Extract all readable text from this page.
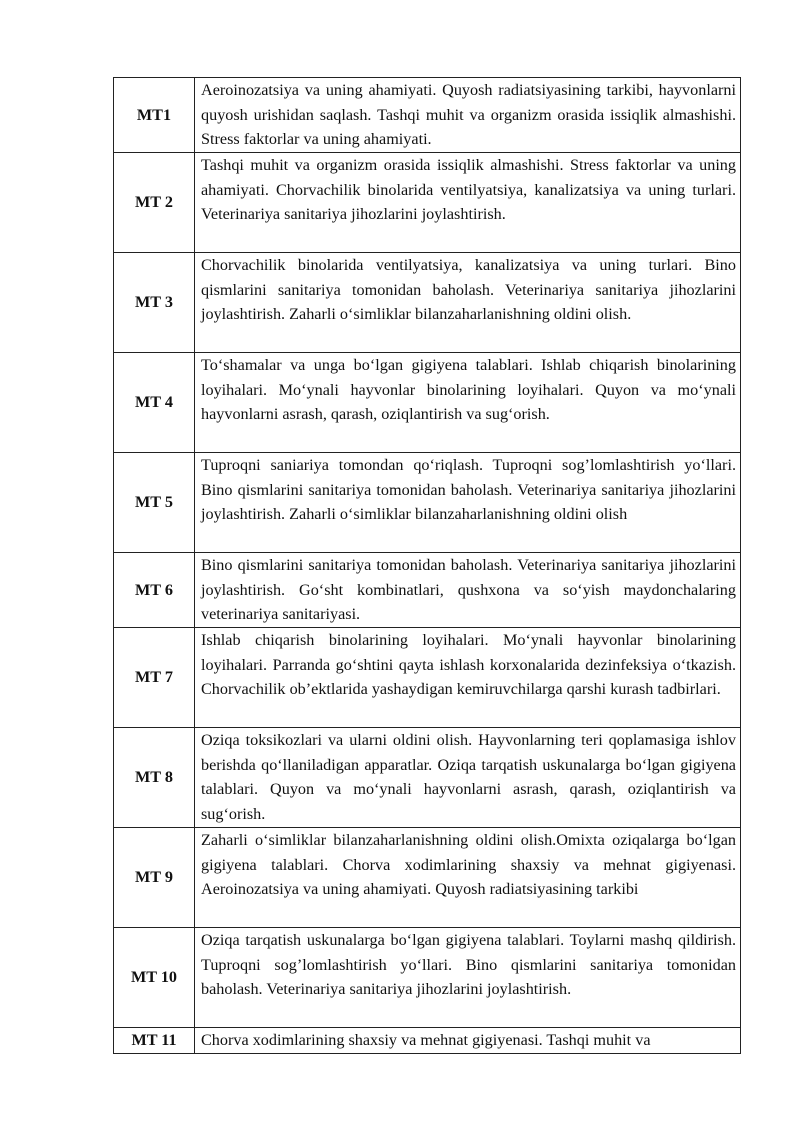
MT1	Aeroinozatsiya va uning ahamiyati. Quyosh radiatsiyasining tarkibi, hayvonlarni quyosh urishidan saqlash. Tashqi muhit va organizm orasida issiqlik almashishi. Stress faktorlar va uning ahamiyati.
MT 2	Tashqi muhit va organizm orasida issiqlik almashishi. Stress faktorlar va uning ahamiyati. Chorvachilik binolarida ventilyatsiya, kanalizatsiya va uning turlari. Veterinariya sanitariya jihozlarini joylashtirish.
MT 3	Chorvachilik binolarida ventilyatsiya, kanalizatsiya va uning turlari. Bino qismlarini sanitariya tomonidan baholash. Veterinariya sanitariya jihozlarini joylashtirish. Zaharli o‘simliklar bilanzaharlanishning oldini olish.
MT 4	To‘shamalar va unga bo‘lgan gigiyena talablari. Ishlab chiqarish binolarining loyihalari. Mo‘ynali hayvonlar binolarining loyihalari. Quyon va mo‘ynali hayvonlarni asrash, qarash, oziqlantirish va sug‘orish.
MT 5	Tuproqni saniariya tomondan qo‘riqlash. Tuproqni sog’lomlashtirish yo‘llari. Bino qismlarini sanitariya tomonidan baholash. Veterinariya sanitariya jihozlarini joylashtirish. Zaharli o‘simliklar bilanzaharlanishning oldini olish
MT 6	Bino qismlarini sanitariya tomonidan baholash. Veterinariya sanitariya jihozlarini joylashtirish. Go‘sht kombinatlari, qushxona va so‘yish maydonchalaring veterinariya sanitariyasi.
MT 7	Ishlab chiqarish binolarining loyihalari. Mo‘ynali hayvonlar binolarining loyihalari. Parranda go‘shtini qayta ishlash korxonalarida dezinfeksiya o‘tkazish. Chorvachilik ob’ektlarida yashaydigan kemiruvchilarga qarshi kurash tadbirlari.
MT 8	Oziqa toksikozlari va ularni oldini olish. Hayvonlarning teri qoplamasiga ishlov berishda qo‘llaniladigan apparatlar. Oziqa tarqatish uskunalarga bo‘lgan gigiyena talablari. Quyon va mo‘ynali hayvonlarni asrash, qarash, oziqlantirish va sug‘orish.
MT 9	Zaharli o‘simliklar bilanzaharlanishning oldini olish.Omixta oziqalarga bo‘lgan gigiyena talablari. Chorva xodimlarining shaxsiy va mehnat gigiyenasi. Aeroinozatsiya va uning ahamiyati. Quyosh radiatsiyasining tarkibi
MT 10	Oziqa tarqatish uskunalarga bo‘lgan gigiyena talablari. Toylarni mashq qildirish. Tuproqni sog’lomlashtirish yo‘llari. Bino qismlarini sanitariya tomonidan baholash. Veterinariya sanitariya jihozlarini joylashtirish.
MT 11	Chorva xodimlarining shaxsiy va mehnat gigiyenasi. Tashqi muhit va
